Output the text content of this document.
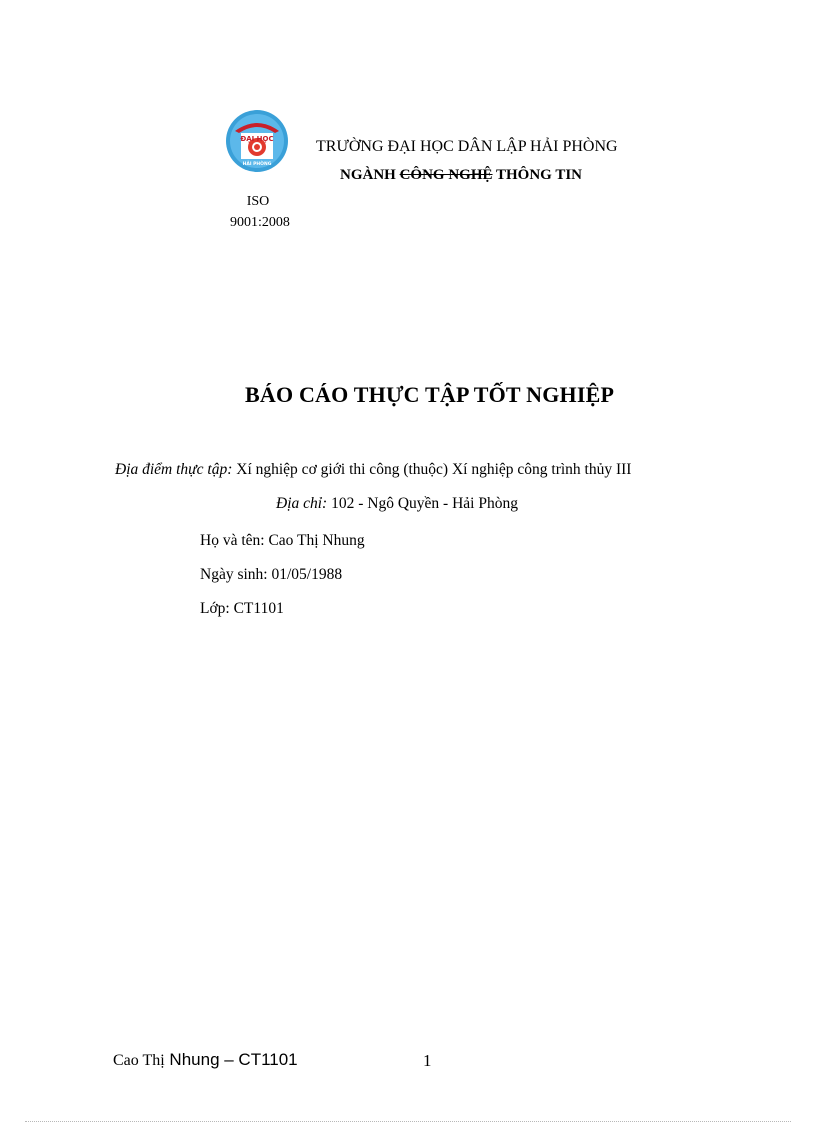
ĐẠI HỌC
HẢI PHÒNG
ISO
9001:2008
TRƯỜNG ĐẠI HỌC DÂN LẬP HẢI PHÒNG
NGÀNH CÔNG NGHỆ THÔNG TIN
BÁO CÁO THỰC TẬP TỐT NGHIỆP
Địa điểm thực tập: Xí nghiệp cơ giới thi công (thuộc) Xí nghiệp công trình thủy III
Địa chỉ: 102 - Ngô Quyền - Hải Phòng
Họ và tên: Cao Thị Nhung
Ngày sinh: 01/05/1988
Lớp: CT1101
Cao Thị Nhung – CT1101	1
